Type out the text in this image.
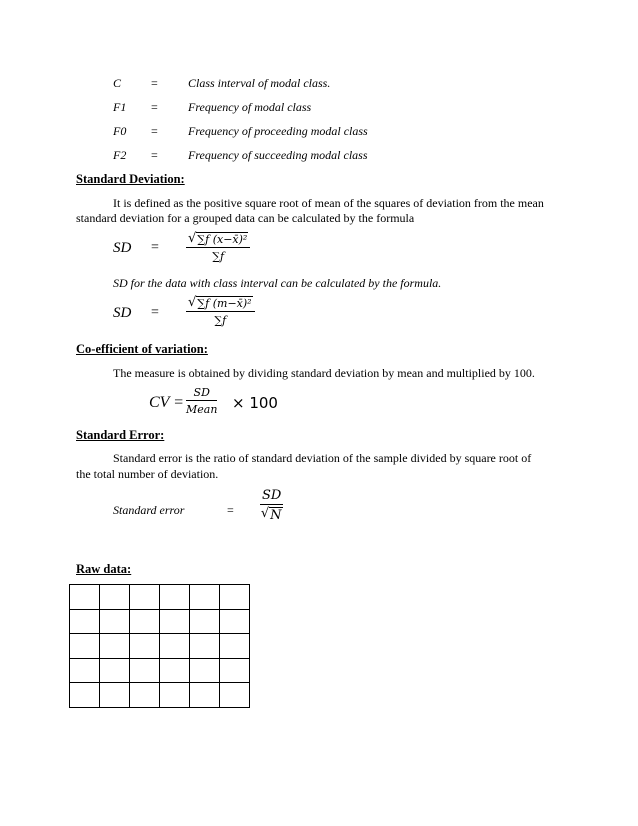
C =	Class interval of modal class.
F1 =	Frequency of modal class
F0 =	Frequency of proceeding modal class
F2 =	Frequency of succeeding modal class
Standard Deviation:
It is defined as the positive square root of mean of the squares of deviation from the mean
standard deviation for a grouped data can be calculated by the formula
SD =
√ ∑f (x−x̄)²
∑f
SD for the data with class interval can be calculated by the formula.
SD =
√ ∑f (m−x̄)²
∑f
Co-efficient of variation:
The measure is obtained by dividing standard deviation by mean and multiplied by 100.
CV =
SD
Mean × 100
Standard Error:
Standard error is the ratio of standard deviation of the sample divided by square root of
the total number of deviation.
Standard error	=
SD
√ N
Raw data:
